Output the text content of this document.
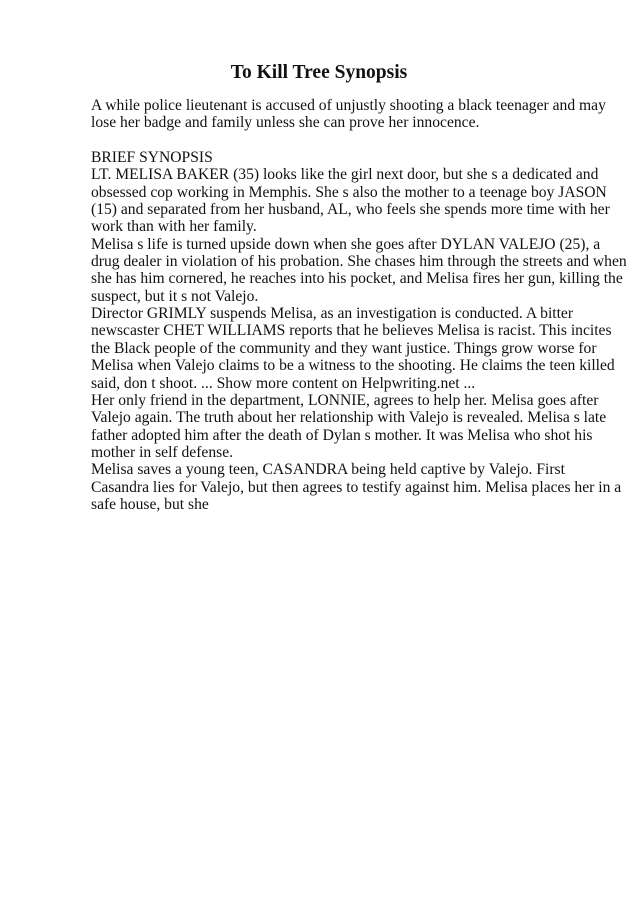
To Kill Tree Synopsis
A while police lieutenant is accused of unjustly shooting a black teenager and may
lose her badge and family unless she can prove her innocence.
BRIEF SYNOPSIS
LT. MELISA BAKER (35) looks like the girl next door, but she s a dedicated and
obsessed cop working in Memphis. She s also the mother to a teenage boy JASON
(15) and separated from her husband, AL, who feels she spends more time with her
work than with her family.
Melisa s life is turned upside down when she goes after DYLAN VALEJO (25), a
drug dealer in violation of his probation. She chases him through the streets and when
she has him cornered, he reaches into his pocket, and Melisa fires her gun, killing the
suspect, but it s not Valejo.
Director GRIMLY suspends Melisa, as an investigation is conducted. A bitter
newscaster CHET WILLIAMS reports that he believes Melisa is racist. This incites
the Black people of the community and they want justice. Things grow worse for
Melisa when Valejo claims to be a witness to the shooting. He claims the teen killed
said, don t shoot. ... Show more content on Helpwriting.net ...
Her only friend in the department, LONNIE, agrees to help her. Melisa goes after
Valejo again. The truth about her relationship with Valejo is revealed. Melisa s late
father adopted him after the death of Dylan s mother. It was Melisa who shot his
mother in self defense.
Melisa saves a young teen, CASANDRA being held captive by Valejo. First
Casandra lies for Valejo, but then agrees to testify against him. Melisa places her in a
safe house, but she
